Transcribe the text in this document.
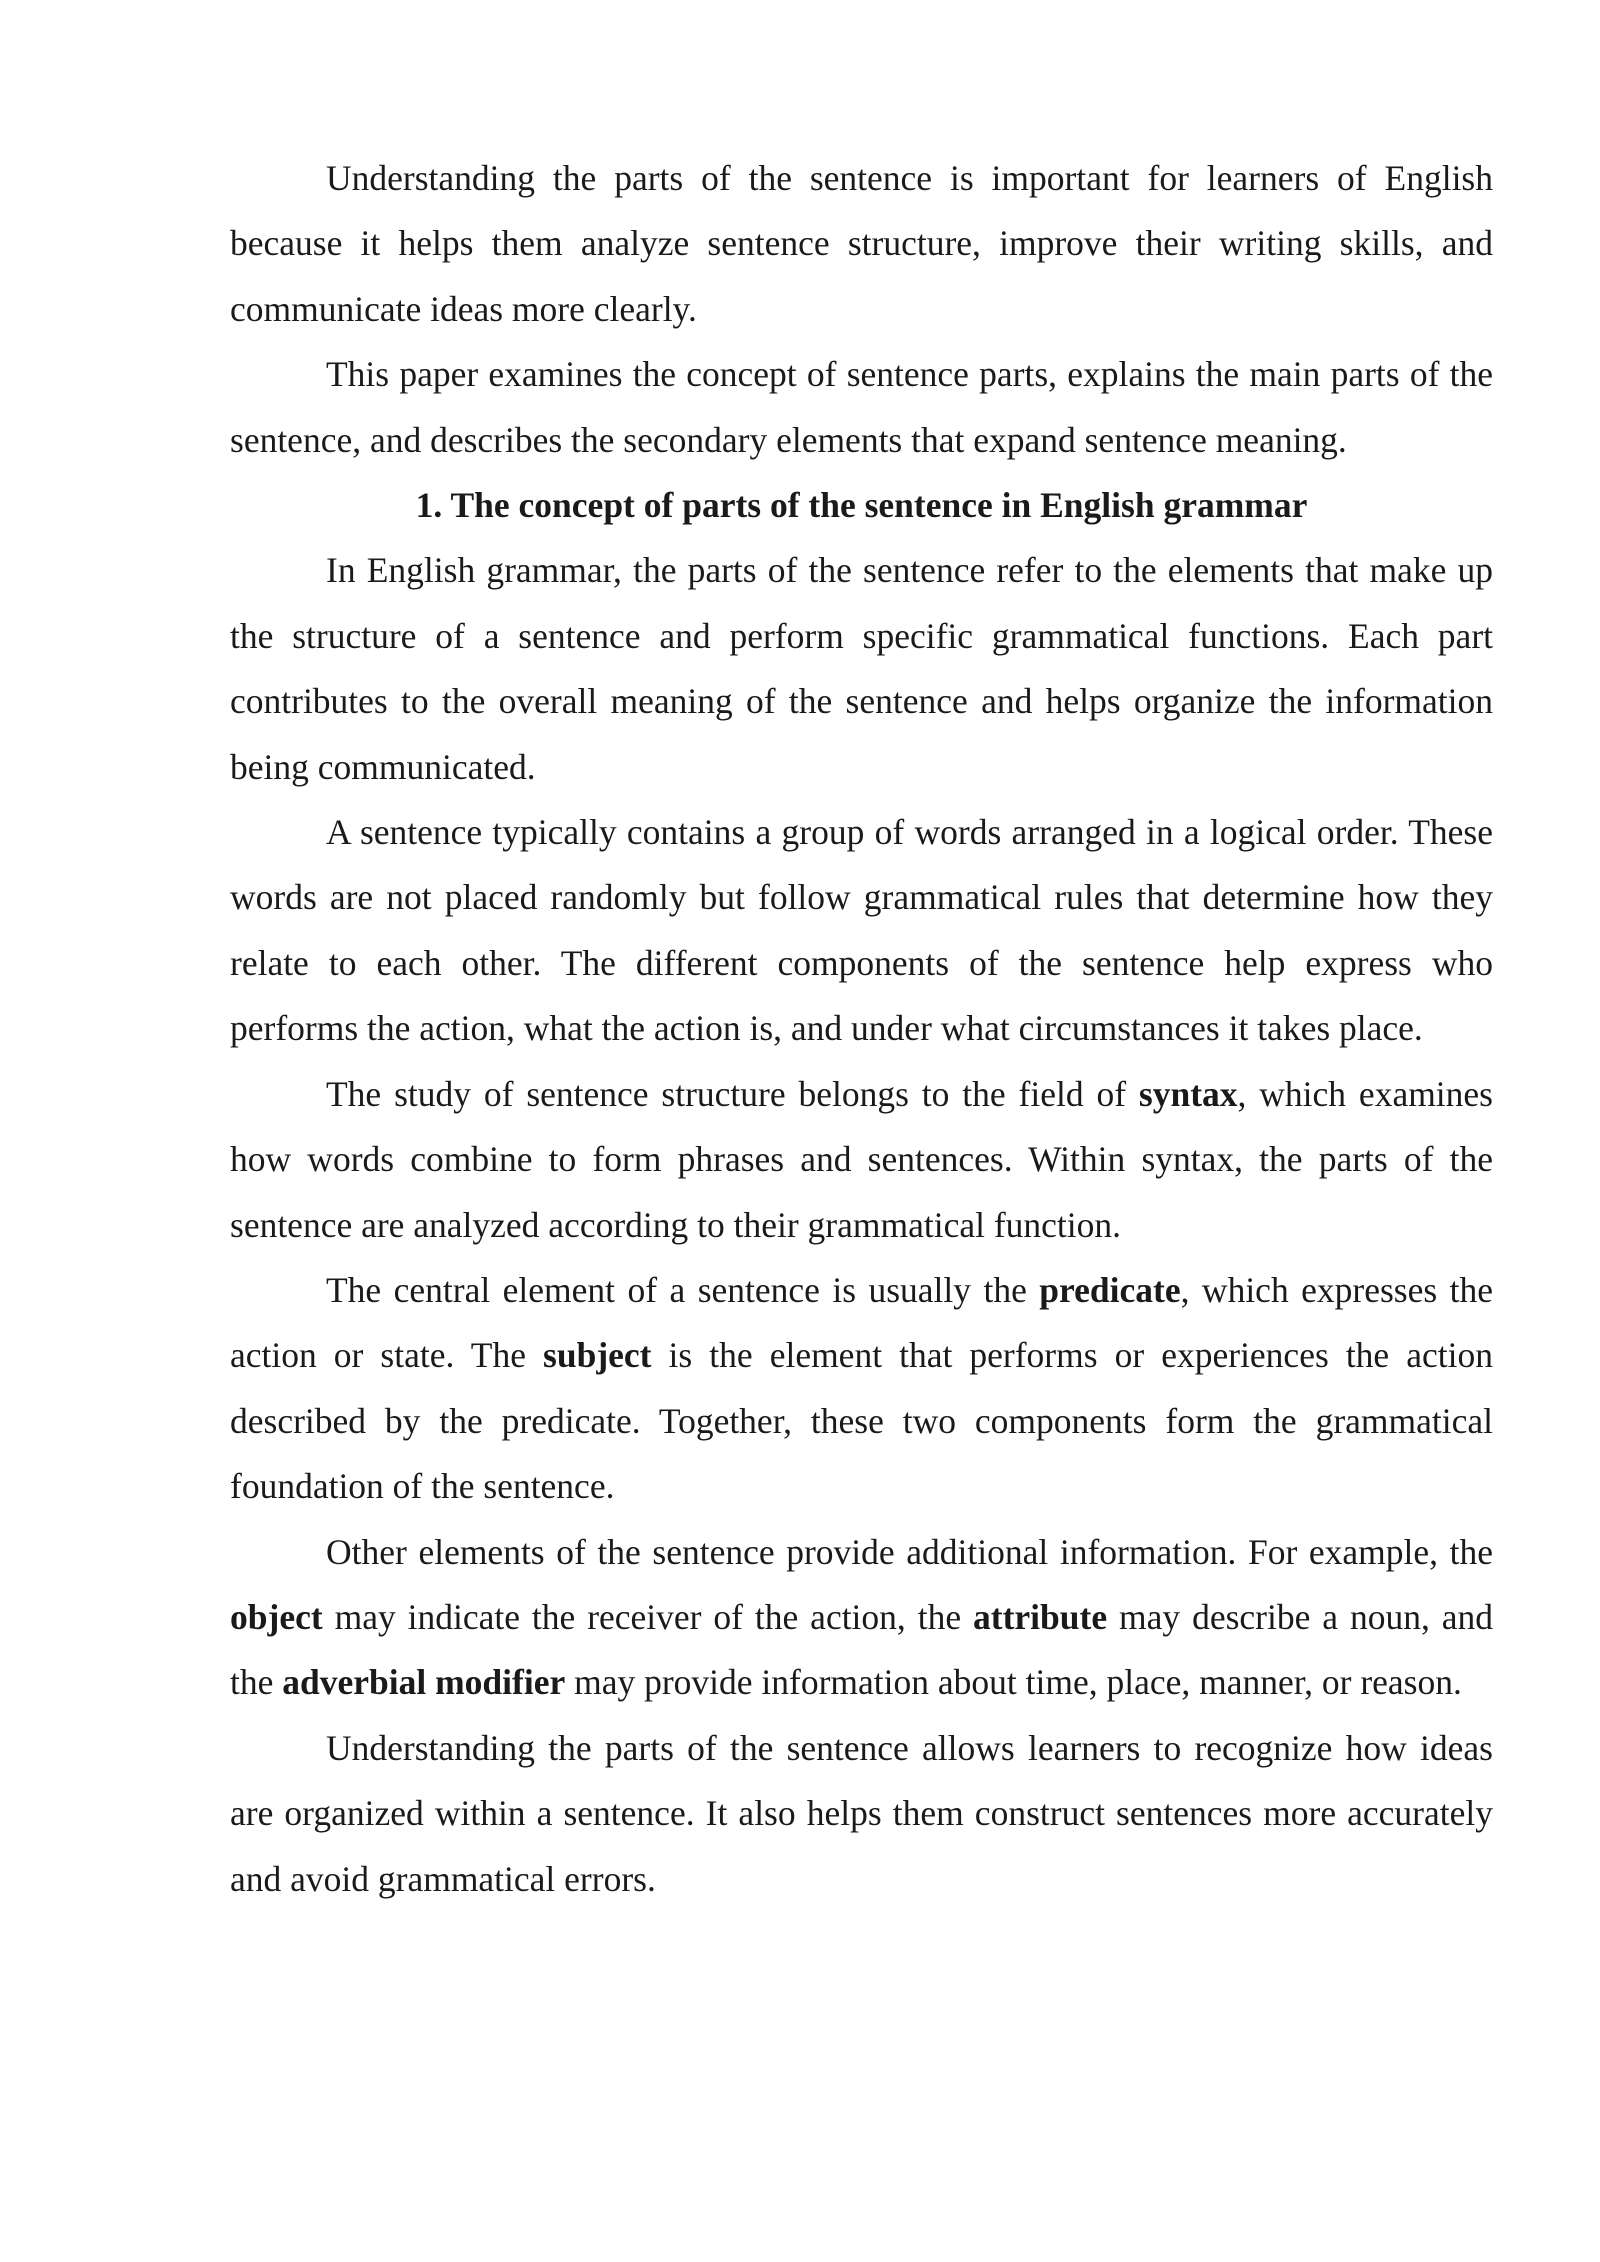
Understanding the parts of the sentence is important for learners of English because it helps them analyze sentence structure, improve their writing skills, and communicate ideas more clearly.

This paper examines the concept of sentence parts, explains the main parts of the sentence, and describes the secondary elements that expand sentence meaning.

1. The concept of parts of the sentence in English grammar

In English grammar, the parts of the sentence refer to the elements that make up the structure of a sentence and perform specific grammatical functions. Each part contributes to the overall meaning of the sentence and helps organize the information being communicated.

A sentence typically contains a group of words arranged in a logical order. These words are not placed randomly but follow grammatical rules that determine how they relate to each other. The different components of the sentence help express who performs the action, what the action is, and under what circumstances it takes place.

The study of sentence structure belongs to the field of syntax, which examines how words combine to form phrases and sentences. Within syntax, the parts of the sentence are analyzed according to their grammatical function.

The central element of a sentence is usually the predicate, which expresses the action or state. The subject is the element that performs or experiences the action described by the predicate. Together, these two components form the grammatical foundation of the sentence.

Other elements of the sentence provide additional information. For example, the object may indicate the receiver of the action, the attribute may describe a noun, and the adverbial modifier may provide information about time, place, manner, or reason.

Understanding the parts of the sentence allows learners to recognize how ideas are organized within a sentence. It also helps them construct sentences more accurately and avoid grammatical errors.
